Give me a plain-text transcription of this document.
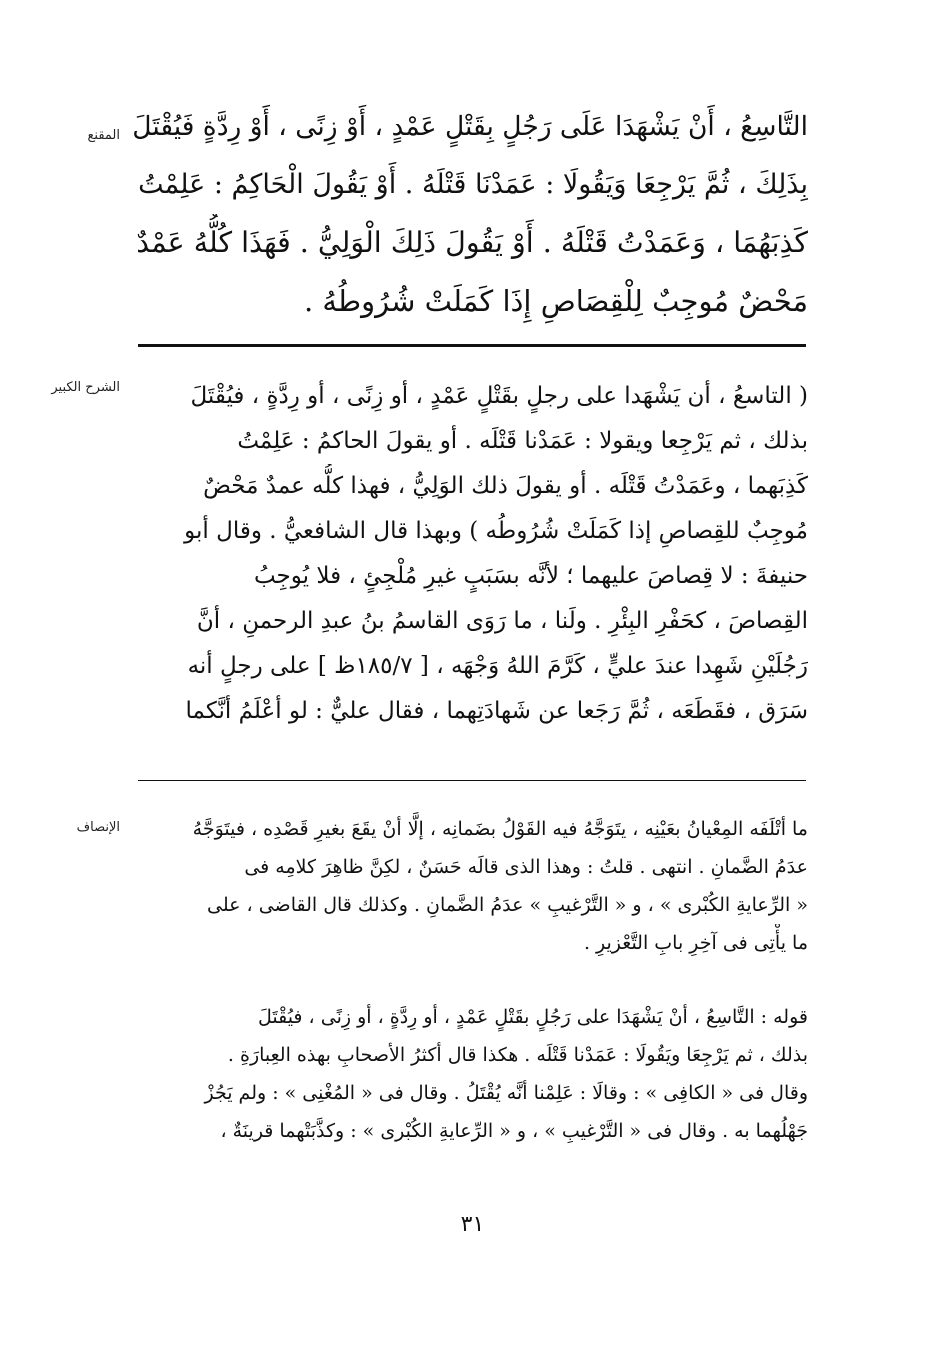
المقنع التَّاسِعُ ، أَنْ يَشْهَدَا عَلَى رَجُلٍ بِقَتْلٍ عَمْدٍ ، أَوْ زِنًى ، أَوْ رِدَّةٍ فَيُقْتَلَ
بِذَلِكَ ، ثُمَّ يَرْجِعَا وَيَقُولَا : عَمَدْنَا قَتْلَهُ . أَوْ يَقُولَ الْحَاكِمُ : عَلِمْتُ
كَذِبَهُمَا ، وَعَمَدْتُ قَتْلَهُ . أَوْ يَقُولَ ذَلِكَ الْوَلِيُّ . فَهَذَا كُلُّهُ عَمْدٌ
مَحْضٌ مُوجِبٌ لِلْقِصَاصِ إِذَا كَمَلَتْ شُرُوطُهُ .
الشرح الكبير	( التاسعُ ، أن يَشْهَدا على رجلٍ بقَتْلٍ عَمْدٍ ، أو زِنًى ، أو رِدَّةٍ ، فيُقْتَلَ
بذلك ، ثم يَرْجِعا ويقولا : عَمَدْنا قَتْلَه . أو يقولَ الحاكمُ : عَلِمْتُ
كَذِبَهما ، وعَمَدْتُ قَتْلَه . أو يقولَ ذلك الوَلِيُّ ، فهذا كلُّه عمدٌ مَحْضٌ
مُوجِبٌ للقِصاصِ إذا كَمَلَتْ شُرُوطُه ) وبهذا قال الشافعيُّ . وقال أبو
حنيفةَ : لا قِصاصَ عليهما ؛ لأنَّه بسَبَبٍ غيرِ مُلْجِئٍ ، فلا يُوجِبُ
القِصاصَ ، كحَفْرِ البِئْرِ . ولَنا ، ما رَوَى القاسمُ بنُ عبدِ الرحمنِ ، أنَّ
رَجُلَيْنِ شَهِدا عندَ عليٍّ ، كَرَّمَ اللهُ وَجْهَه ، [ ١٨٥/٧ظ ] على رجلٍ أنه
سَرَق ، فقَطَعَه ، ثُمَّ رَجَعا عن شَهادَتِهما ، فقال عليٌّ : لو أعْلَمُ أنَّكما
الإنصاف	ما أتْلَفَه المِعْيانُ بعَيْنِه ، يتَوَجَّهُ فيه القَوْلُ بضَمانِه ، إلَّا أنْ يقَعَ بغيرِ قَصْدِه ، فيتَوَجَّهُ
عدَمُ الضَّمانِ . انتهى . قلتُ : وهذا الذى قالَه حَسَنٌ ، لكِنَّ ظاهِرَ كلامِه فى
« الرِّعايةِ الكُبْرى » ، و « التَّرْغيبِ » عدَمُ الضَّمانِ . وكذلك قال القاضى ، على
ما يأْتِى فى آخِرِ بابِ التَّعْزيرِ .
قوله : التَّاسِعُ ، أنْ يَشْهَدَا على رَجُلٍ بقَتْلٍ عَمْدٍ ، أو رِدَّةٍ ، أو زِنًى ، فيُقْتَلَ
بذلك ، ثم يَرْجِعَا ويَقُولَا : عَمَدْنا قَتْلَه . هكذا قال أكثرُ الأصحابِ بهذه العِبارَةِ .
وقال فى « الكافِى » : وقالَا : عَلِمْنا أنَّه يُقْتَلُ . وقال فى « المُغْنِى » : ولم يَجُزْ
جَهْلُهما به . وقال فى « التَّرْغيبِ » ، و « الرِّعايةِ الكُبْرى » : وكذَّبَتْهما قرينَةٌ ،
٣١
